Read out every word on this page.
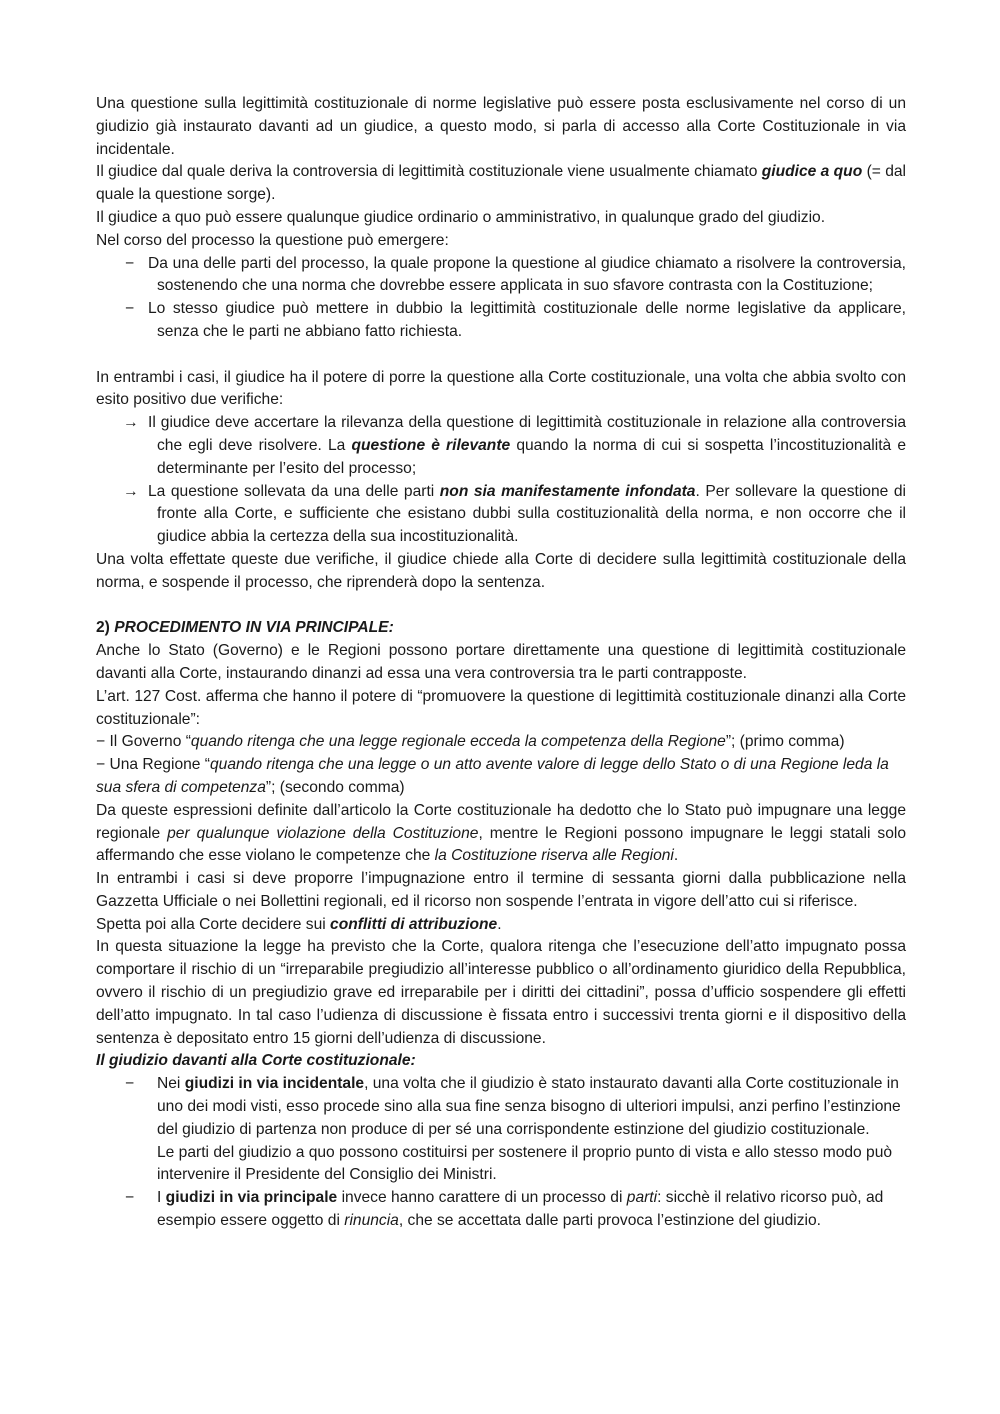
Una questione sulla legittimità costituzionale di norme legislative può essere posta esclusivamente nel corso di un giudizio già instaurato davanti ad un giudice, a questo modo, si parla di accesso alla Corte Costituzionale in via incidentale.

Il giudice dal quale deriva la controversia di legittimità costituzionale viene usualmente chiamato giudice a quo (= dal quale la questione sorge).

Il giudice a quo può essere qualunque giudice ordinario o amministrativo, in qualunque grado del giudizio.

Nel corso del processo la questione può emergere:

− Da una delle parti del processo, la quale propone la questione al giudice chiamato a risolvere la controversia, sostenendo che una norma che dovrebbe essere applicata in suo sfavore contrasta con la Costituzione;
− Lo stesso giudice può mettere in dubbio la legittimità costituzionale delle norme legislative da applicare, senza che le parti ne abbiano fatto richiesta.

In entrambi i casi, il giudice ha il potere di porre la questione alla Corte costituzionale, una volta che abbia svolto con esito positivo due verifiche:

→ Il giudice deve accertare la rilevanza della questione di legittimità costituzionale in relazione alla controversia che egli deve risolvere. La questione è rilevante quando la norma di cui si sospetta l’incostituzionalità e determinante per l’esito del processo;
→ La questione sollevata da una delle parti non sia manifestamente infondata. Per sollevare la questione di fronte alla Corte, e sufficiente che esistano dubbi sulla costituzionalità della norma, e non occorre che il giudice abbia la certezza della sua incostituzionalità.

Una volta effettate queste due verifiche, il giudice chiede alla Corte di decidere sulla legittimità costituzionale della norma, e sospende il processo, che riprenderà dopo la sentenza.

2) PROCEDIMENTO IN VIA PRINCIPALE:

Anche lo Stato (Governo) e le Regioni possono portare direttamente una questione di legittimità costituzionale davanti alla Corte, instaurando dinanzi ad essa una vera controversia tra le parti contrapposte.

L’art. 127 Cost. afferma che hanno il potere di “promuovere la questione di legittimità costituzionale dinanzi alla Corte costituzionale”:

− Il Governo “quando ritenga che una legge regionale ecceda la competenza della Regione”; (primo comma)

− Una Regione “quando ritenga che una legge o un atto avente valore di legge dello Stato o di una Regione leda la sua sfera di competenza”; (secondo comma)

Da queste espressioni definite dall’articolo la Corte costituzionale ha dedotto che lo Stato può impugnare una legge regionale per qualunque violazione della Costituzione, mentre le Regioni possono impugnare le leggi statali solo affermando che esse violano le competenze che la Costituzione riserva alle Regioni.

In entrambi i casi si deve proporre l’impugnazione entro il termine di sessanta giorni dalla pubblicazione nella Gazzetta Ufficiale o nei Bollettini regionali, ed il ricorso non sospende l’entrata in vigore dell’atto cui si riferisce.

Spetta poi alla Corte decidere sui conflitti di attribuzione.

In questa situazione la legge ha previsto che la Corte, qualora ritenga che l’esecuzione dell’atto impugnato possa comportare il rischio di un “irreparabile pregiudizio all’interesse pubblico o all’ordinamento giuridico della Repubblica, ovvero il rischio di un pregiudizio grave ed irreparabile per i diritti dei cittadini”, possa d’ufficio sospendere gli effetti dell’atto impugnato. In tal caso l’udienza di discussione è fissata entro i successivi trenta giorni e il dispositivo della sentenza è depositato entro 15 giorni dell’udienza di discussione.

Il giudizio davanti alla Corte costituzionale:

− Nei giudizi in via incidentale, una volta che il giudizio è stato instaurato davanti alla Corte costituzionale in uno dei modi visti, esso procede sino alla sua fine senza bisogno di ulteriori impulsi, anzi perfino l’estinzione del giudizio di partenza non produce di per sé una corrispondente estinzione del giudizio costituzionale.

Le parti del giudizio a quo possono costituirsi per sostenere il proprio punto di vista e allo stesso modo può intervenire il Presidente del Consiglio dei Ministri.

− I giudizi in via principale invece hanno carattere di un processo di parti: sicchè il relativo ricorso può, ad esempio essere oggetto di rinuncia, che se accettata dalle parti provoca l’estinzione del giudizio.
